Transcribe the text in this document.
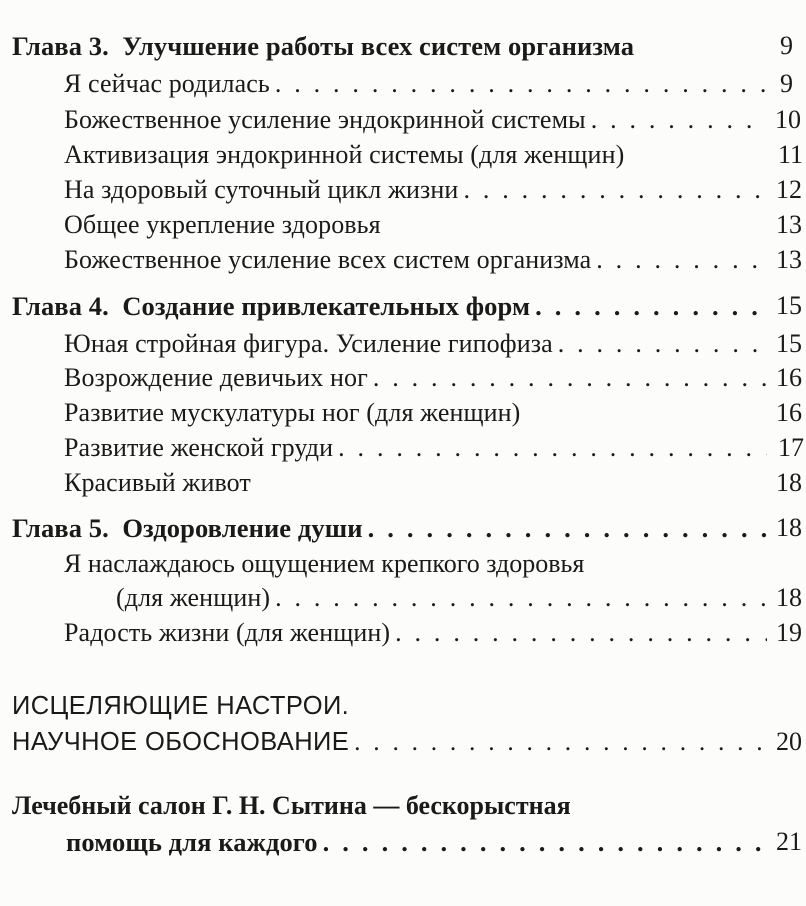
Глава 3. Улучшение работы всех систем организма	9
Я сейчас родилась . . .	9
Божественное усиление эндокринной системы . . .	10
Активизация эндокринной системы (для женщин)	11
На здоровый суточный цикл жизни . . .	12
Общее укрепление здоровья	13
Божественное усиление всех систем организма . . .	13
Глава 4. Создание привлекательных форм . . .	15
Юная стройная фигура. Усиление гипофиза . . .	15
Возрождение девичьих ног . . .	16
Развитие мускулатуры ног (для женщин)	16
Развитие женской груди . . .	17
Красивый живот	18
Глава 5. Оздоровление души . . .	18
Я наслаждаюсь ощущением крепкого здоровья
(для женщин) . . .	18
Радость жизни (для женщин) . . .	19
ИСЦЕЛЯЮЩИЕ НАСТРОИ.
НАУЧНОЕ ОБОСНОВАНИЕ . . .	20
Лечебный салон Г. Н. Сытина — бескорыстная
помощь для каждого . . .	21
